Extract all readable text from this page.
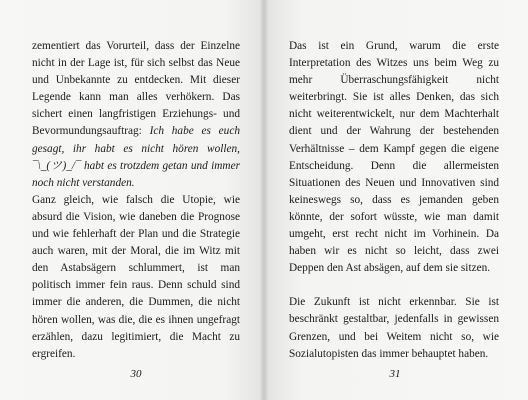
zementiert das Vorurteil, dass der Einzelne nicht in der Lage ist, für sich selbst das Neue und Unbekannte zu entdecken. Mit dieser Legende kann man alles verhökern. Das sichert einen langfristigen Erziehungs- und Bevormundungsauftrag: Ich habe es euch gesagt, ihr habt es nicht hören wollen, ¯\_(ツ)_/¯ habt es trotzdem getan und immer noch nicht verstanden.

Ganz gleich, wie falsch die Utopie, wie absurd die Vision, wie daneben die Prognose und wie fehlerhaft der Plan und die Strategie auch waren, mit der Moral, die im Witz mit den Astabsägern schlummert, ist man politisch immer fein raus. Denn schuld sind immer die anderen, die Dummen, die nicht hören wollen, was die, die es ihnen ungefragt erzählen, dazu legitimiert, die Macht zu ergreifen.

30

Das ist ein Grund, warum die erste Interpretation des Witzes uns beim Weg zu mehr Überraschungsfähigkeit nicht weiterbringt. Sie ist alles Denken, das sich nicht weiterentwickelt, nur dem Machterhalt dient und der Wahrung der bestehenden Verhältnisse – dem Kampf gegen die eigene Entscheidung. Denn die allermeisten Situationen des Neuen und Innovativen sind keineswegs so, dass es jemanden geben könnte, der sofort wüsste, wie man damit umgeht, erst recht nicht im Vorhinein. Da haben wir es nicht so leicht, dass zwei Deppen den Ast absägen, auf dem sie sitzen.

Die Zukunft ist nicht erkennbar. Sie ist beschränkt gestaltbar, jedenfalls in gewissen Grenzen, und bei Weitem nicht so, wie Sozialutopisten das immer behauptet haben.

31
